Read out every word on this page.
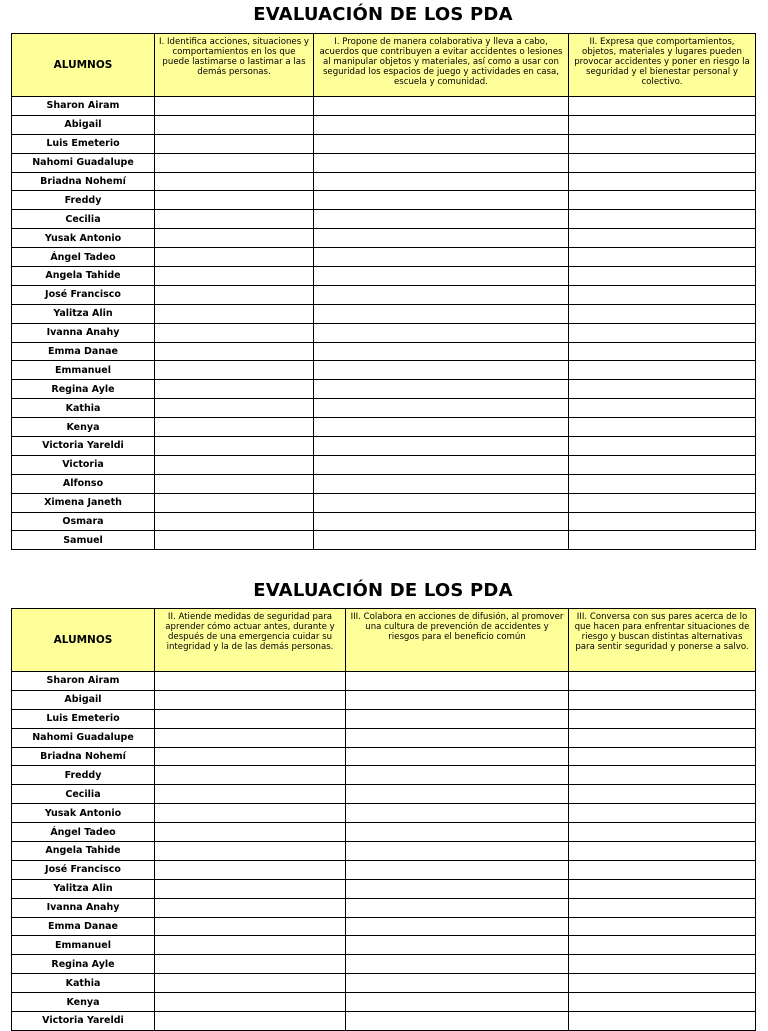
EVALUACIÓN DE LOS PDA
ALUMNOS	I. Identifica acciones, situaciones y comportamientos en los que puede lastimarse o lastimar a las demás personas.	I. Propone de manera colaborativa y lleva a cabo, acuerdos que contribuyen a evitar accidentes o lesiones al manipular objetos y materiales, así como a usar con seguridad los espacios de juego y actividades en casa, escuela y comunidad.	II. Expresa que comportamientos, objetos, materiales y lugares pueden provocar accidentes y poner en riesgo la seguridad y el bienestar personal y colectivo.
Sharon Airam			
Abigail			
Luis Emeterio			
Nahomi Guadalupe			
Briadna Nohemí			
Freddy			
Cecilia			
Yusak Antonio			
Ángel Tadeo			
Angela Tahide			
José Francisco			
Yalitza Alin			
Ivanna Anahy			
Emma Danae			
Emmanuel			
Regina Ayle			
Kathia			
Kenya			
Victoria Yareldi			
Victoria			
Alfonso			
Ximena Janeth			
Osmara			
Samuel			
EVALUACIÓN DE LOS PDA
ALUMNOS	II. Atiende medidas de seguridad para aprender cómo actuar antes, durante y después de una emergencia cuidar su integridad y la de las demás personas.	III. Colabora en acciones de difusión, al promover una cultura de prevención de accidentes y riesgos para el beneficio común	III. Conversa con sus pares acerca de lo que hacen para enfrentar situaciones de riesgo y buscan distintas alternativas para sentir seguridad y ponerse a salvo.
Sharon Airam			
Abigail			
Luis Emeterio			
Nahomi Guadalupe			
Briadna Nohemí			
Freddy			
Cecilia			
Yusak Antonio			
Ángel Tadeo			
Angela Tahide			
José Francisco			
Yalitza Alin			
Ivanna Anahy			
Emma Danae			
Emmanuel			
Regina Ayle			
Kathia			
Kenya			
Victoria Yareldi			
